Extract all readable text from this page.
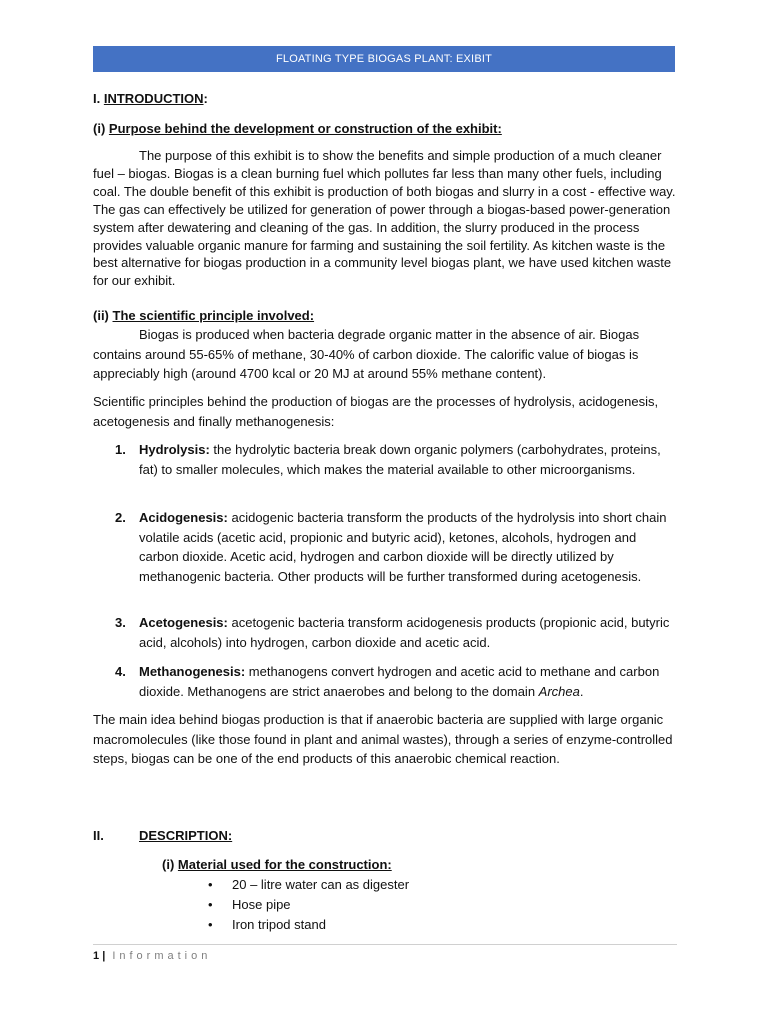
FLOATING TYPE BIOGAS PLANT: EXIBIT
I. INTRODUCTION:
(i) Purpose behind the development or construction of the exhibit:

The purpose of this exhibit is to show the benefits and simple production of a much cleaner fuel – biogas. Biogas is a clean burning fuel which pollutes far less than many other fuels, including coal. The double benefit of this exhibit is production of both biogas and slurry in a cost - effective way. The gas can effectively be utilized for generation of power through a biogas-based power-generation system after dewatering and cleaning of the gas. In addition, the slurry produced in the process provides valuable organic manure for farming and sustaining the soil fertility. As kitchen waste is the best alternative for biogas production in a community level biogas plant, we have used kitchen waste for our exhibit.

(ii) The scientific principle involved:

Biogas is produced when bacteria degrade organic matter in the absence of air. Biogas contains around 55-65% of methane, 30-40% of carbon dioxide. The calorific value of biogas is appreciably high (around 4700 kcal or 20 MJ at around 55% methane content).

Scientific principles behind the production of biogas are the processes of hydrolysis, acidogenesis, acetogenesis and finally methanogenesis:

1. Hydrolysis: the hydrolytic bacteria break down organic polymers (carbohydrates, proteins, fat) to smaller molecules, which makes the material available to other microorganisms.
2. Acidogenesis: acidogenic bacteria transform the products of the hydrolysis into short chain volatile acids (acetic acid, propionic and butyric acid), ketones, alcohols, hydrogen and carbon dioxide. Acetic acid, hydrogen and carbon dioxide will be directly utilized by methanogenic bacteria. Other products will be further transformed during acetogenesis.
3. Acetogenesis: acetogenic bacteria transform acidogenesis products (propionic acid, butyric acid, alcohols) into hydrogen, carbon dioxide and acetic acid.
4. Methanogenesis: methanogens convert hydrogen and acetic acid to methane and carbon dioxide. Methanogens are strict anaerobes and belong to the domain Archea.

The main idea behind biogas production is that if anaerobic bacteria are supplied with large organic macromolecules (like those found in plant and animal wastes), through a series of enzyme-controlled steps, biogas can be one of the end products of this anaerobic chemical reaction.

II.	DESCRIPTION:
(i) Material used for the construction:
• 20 – litre water can as digester
• Hose pipe
• Iron tripod stand
1 | Information
